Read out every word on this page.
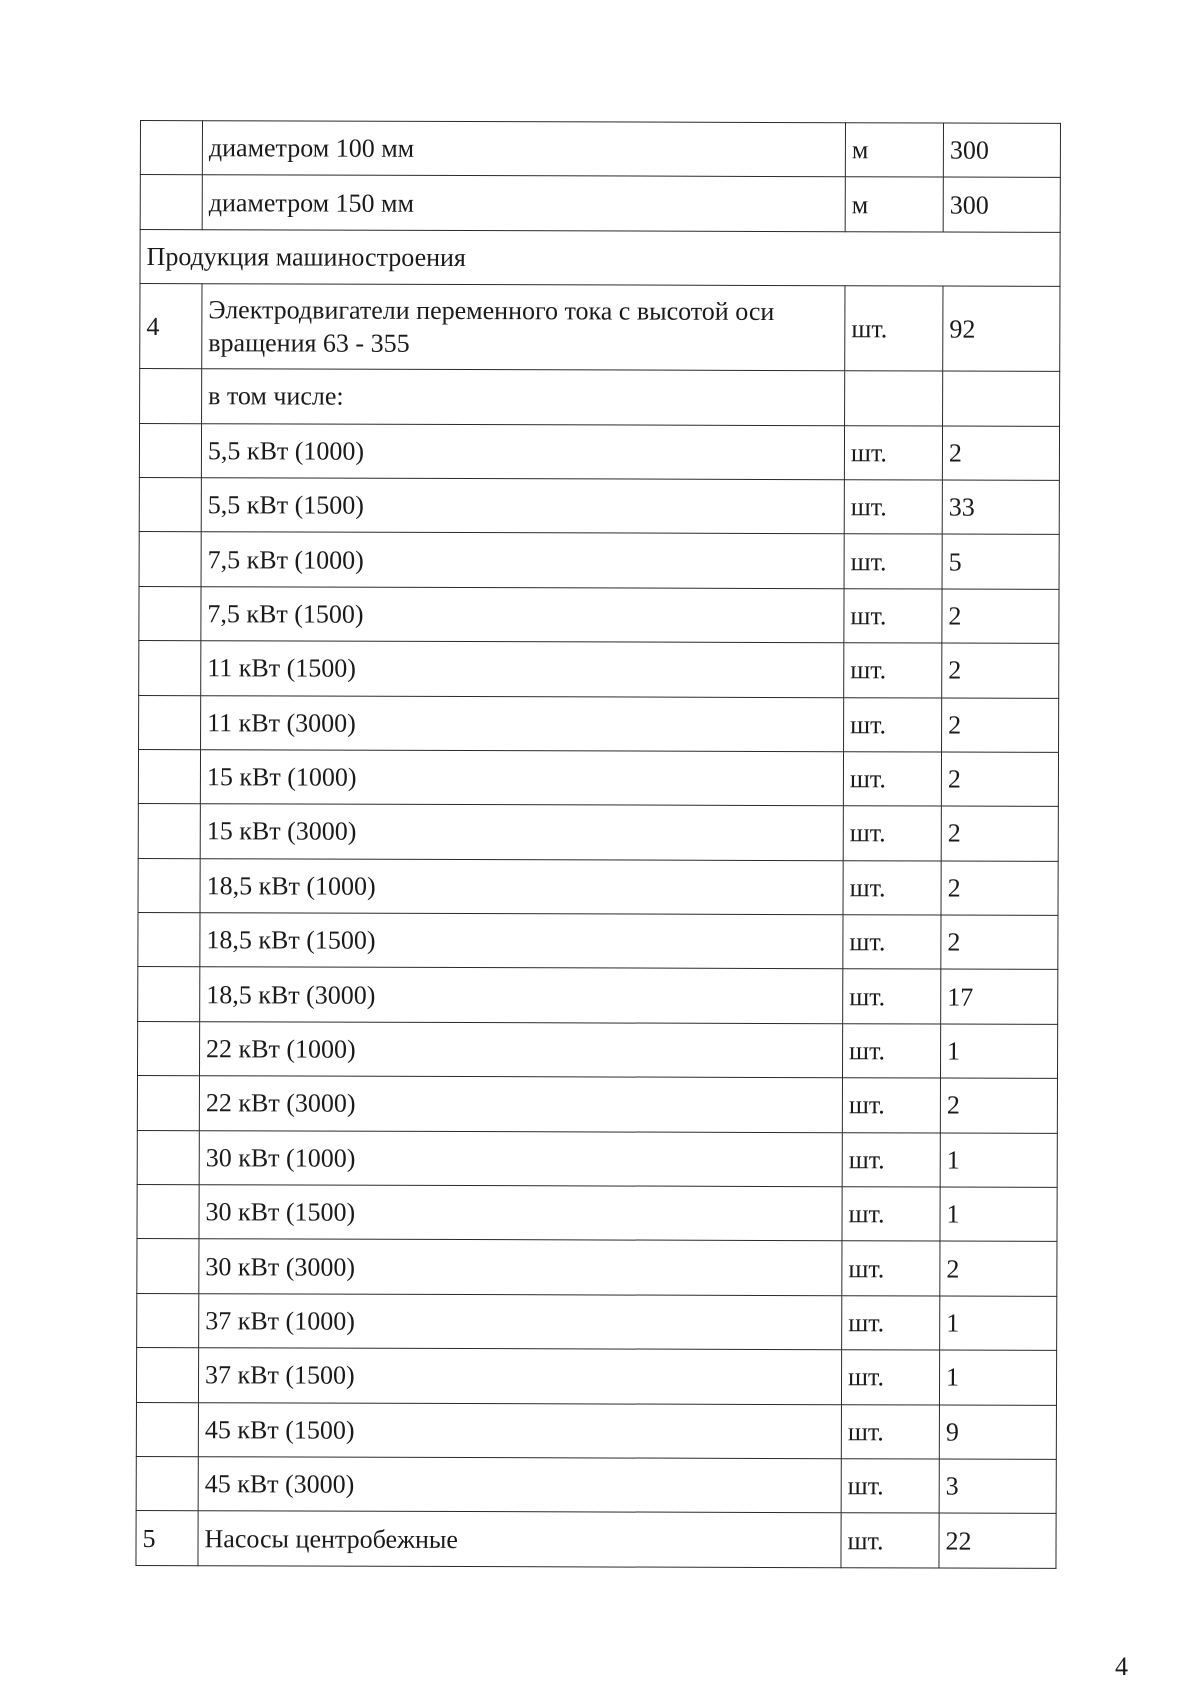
	диаметром 100 мм	м	300
	диаметром 150 мм	м	300
Продукция машиностроения			
4	Электродвигатели переменного тока с высотой оси вращения 63 - 355	шт.	92
	в том числе:		
	5,5 кВт (1000)	шт.	2
	5,5 кВт (1500)	шт.	33
	7,5 кВт (1000)	шт.	5
	7,5 кВт (1500)	шт.	2
	11 кВт (1500)	шт.	2
	11 кВт (3000)	шт.	2
	15 кВт (1000)	шт.	2
	15 кВт (3000)	шт.	2
	18,5 кВт (1000)	шт.	2
	18,5 кВт (1500)	шт.	2
	18,5 кВт (3000)	шт.	17
	22 кВт (1000)	шт.	1
	22 кВт (3000)	шт.	2
	30 кВт (1000)	шт.	1
	30 кВт (1500)	шт.	1
	30 кВт (3000)	шт.	2
	37 кВт (1000)	шт.	1
	37 кВт (1500)	шт.	1
	45 кВт (1500)	шт.	9
	45 кВт (3000)	шт.	3
5	Насосы центробежные	шт.	22
4
